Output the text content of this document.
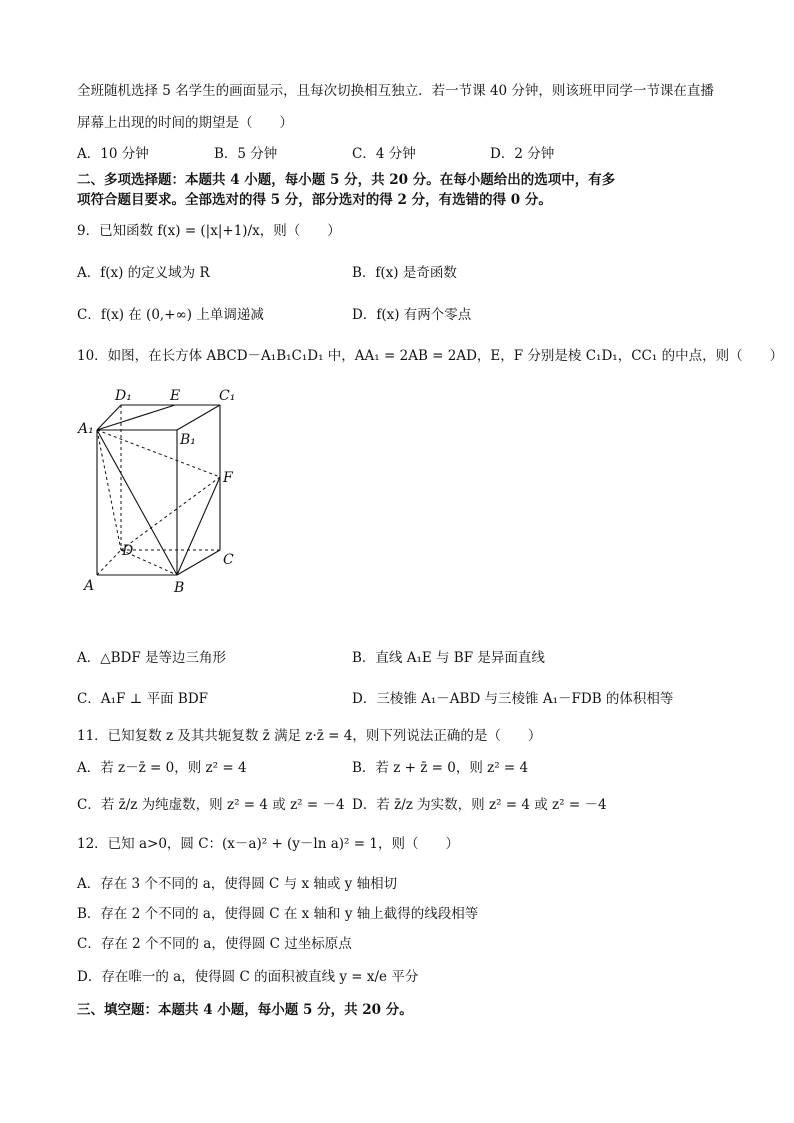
全班随机选择 5 名学生的画面显示，且每次切换相互独立．若一节课 40 分钟，则该班甲同学一节课在直播
屏幕上出现的时间的期望是（　　）
A．10 分钟	B．5 分钟	C．4 分钟	D．2 分钟
二、多项选择题：本题共 4 小题，每小题 5 分，共 20 分。在每小题给出的选项中，有多
项符合题目要求。全部选对的得 5 分，部分选对的得 2 分，有选错的得 0 分。
9．已知函数 f(x) = (|x|+1)/x，则（　　）
A．f(x) 的定义域为 R	B．f(x) 是奇函数
C．f(x) 在 (0,+∞) 上单调递减	D．f(x) 有两个零点
10．如图，在长方体 ABCD－A₁B₁C₁D₁ 中，AA₁ = 2AB = 2AD，E，F 分别是棱 C₁D₁，CC₁ 的中点，则（　　）
D₁	E	C₁
A₁
B₁
F
D
C
A	B
A．△BDF 是等边三角形	B．直线 A₁E 与 BF 是异面直线
C．A₁F ⊥ 平面 BDF	D．三棱锥 A₁－ABD 与三棱锥 A₁－FDB 的体积相等
11．已知复数 z 及其共轭复数 z̄ 满足 z·z̄ = 4，则下列说法正确的是（　　）
A．若 z－z̄ = 0，则 z² = 4	B．若 z + z̄ = 0，则 z² = 4
C．若 z̄/z 为纯虚数，则 z² = 4 或 z² = －4 D．若 z̄/z 为实数，则 z² = 4 或 z² = －4
12．已知 a>0，圆 C：(x－a)² + (y－ln a)² = 1，则（　　）
A．存在 3 个不同的 a，使得圆 C 与 x 轴或 y 轴相切
B．存在 2 个不同的 a，使得圆 C 在 x 轴和 y 轴上截得的线段相等
C．存在 2 个不同的 a，使得圆 C 过坐标原点
D．存在唯一的 a，使得圆 C 的面积被直线 y = x/e 平分
三、填空题：本题共 4 小题，每小题 5 分，共 20 分。
